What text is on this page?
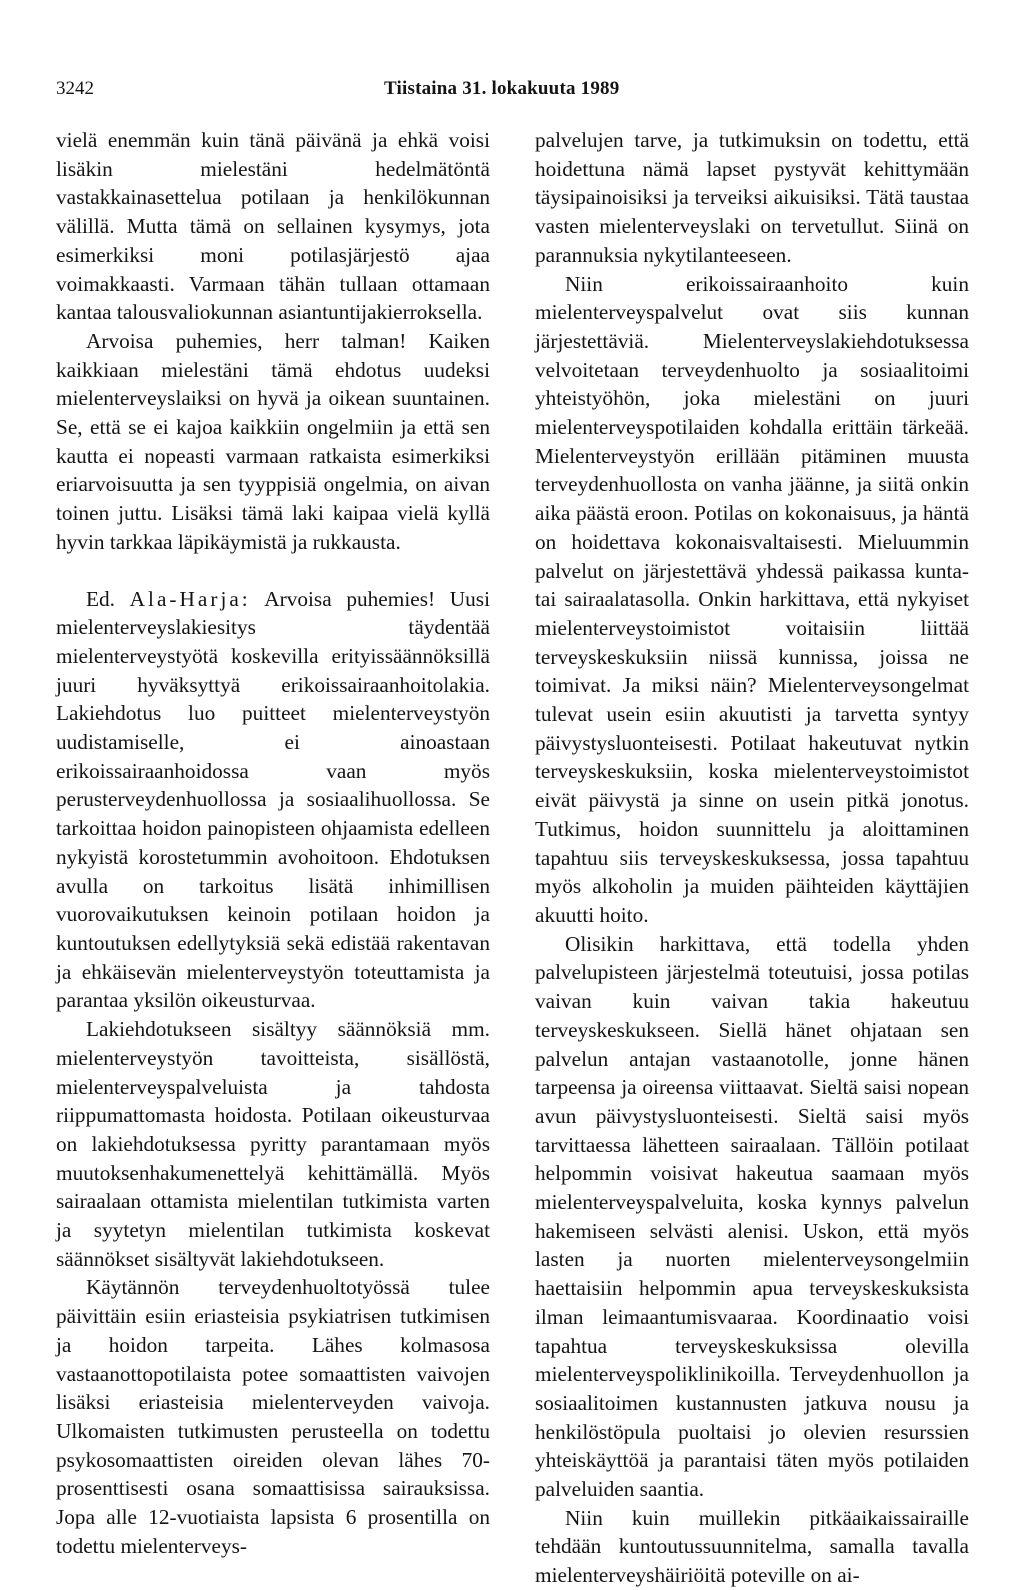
3242	Tiistaina 31. lokakuuta 1989

vielä enemmän kuin tänä päivänä ja ehkä voisi lisäkin mielestäni hedelmätöntä vastakkainasettelua potilaan ja henkilökunnan välillä. Mutta tämä on sellainen kysymys, jota esimerkiksi moni potilasjärjestö ajaa voimakkaasti. Varmaan tähän tullaan ottamaan kantaa talousvaliokunnan asiantuntijakierroksella.

Arvoisa puhemies, herr talman! Kaiken kaikkiaan mielestäni tämä ehdotus uudeksi mielenterveyslaiksi on hyvä ja oikean suuntainen. Se, että se ei kajoa kaikkiin ongelmiin ja että sen kautta ei nopeasti varmaan ratkaista esimerkiksi eriarvoisuutta ja sen tyyppisiä ongelmia, on aivan toinen juttu. Lisäksi tämä laki kaipaa vielä kyllä hyvin tarkkaa läpikäymistä ja rukkausta.

Ed. Ala-Harja: Arvoisa puhemies! Uusi mielenterveyslakiesitys täydentää mielenterveystyötä koskevilla erityissäännöksillä juuri hyväksyttyä erikoissairaanhoitolakia. Lakiehdotus luo puitteet mielenterveystyön uudistamiselle, ei ainoastaan erikoissairaanhoidossa vaan myös perusterveydenhuollossa ja sosiaalihuollossa. Se tarkoittaa hoidon painopisteen ohjaamista edelleen nykyistä korostetummin avohoitoon. Ehdotuksen avulla on tarkoitus lisätä inhimillisen vuorovaikutuksen keinoin potilaan hoidon ja kuntoutuksen edellytyksiä sekä edistää rakentavan ja ehkäisevän mielenterveystyön toteuttamista ja parantaa yksilön oikeusturvaa.

Lakiehdotukseen sisältyy säännöksiä mm. mielenterveystyön tavoitteista, sisällöstä, mielenterveyspalveluista ja tahdosta riippumattomasta hoidosta. Potilaan oikeusturvaa on lakiehdotuksessa pyritty parantamaan myös muutoksenhakumenettelyä kehittämällä. Myös sairaalaan ottamista mielentilan tutkimista varten ja syytetyn mielentilan tutkimista koskevat säännökset sisältyvät lakiehdotukseen.

Käytännön terveydenhuoltotyössä tulee päivittäin esiin eriasteisia psykiatrisen tutkimisen ja hoidon tarpeita. Lähes kolmasosa vastaanottopotilaista potee somaattisten vaivojen lisäksi eriasteisia mielenterveyden vaivoja. Ulkomaisten tutkimusten perusteella on todettu psykosomaattisten oireiden olevan lähes 70-prosenttisesti osana somaattisissa sairauksissa. Jopa alle 12-vuotiaista lapsista 6 prosentilla on todettu mielenterveys-

palvelujen tarve, ja tutkimuksin on todettu, että hoidettuna nämä lapset pystyvät kehittymään täysipainoisiksi ja terveiksi aikuisiksi. Tätä taustaa vasten mielenterveyslaki on tervetullut. Siinä on parannuksia nykytilanteeseen.

Niin erikoissairaanhoito kuin mielenterveyspalvelut ovat siis kunnan järjestettäviä. Mielenterveyslakiehdotuksessa velvoitetaan terveydenhuolto ja sosiaalitoimi yhteistyöhön, joka mielestäni on juuri mielenterveyspotilaiden kohdalla erittäin tärkeää. Mielenterveystyön erillään pitäminen muusta terveydenhuollosta on vanha jäänne, ja siitä onkin aika päästä eroon. Potilas on kokonaisuus, ja häntä on hoidettava kokonaisvaltaisesti. Mieluummin palvelut on järjestettävä yhdessä paikassa kunta- tai sairaalatasolla. Onkin harkittava, että nykyiset mielenterveystoimistot voitaisiin liittää terveyskeskuksiin niissä kunnissa, joissa ne toimivat. Ja miksi näin? Mielenterveysongelmat tulevat usein esiin akuutisti ja tarvetta syntyy päivystysluonteisesti. Potilaat hakeutuvat nytkin terveyskeskuksiin, koska mielenterveystoimistot eivät päivystä ja sinne on usein pitkä jonotus. Tutkimus, hoidon suunnittelu ja aloittaminen tapahtuu siis terveyskeskuksessa, jossa tapahtuu myös alkoholin ja muiden päihteiden käyttäjien akuutti hoito.

Olisikin harkittava, että todella yhden palvelupisteen järjestelmä toteutuisi, jossa potilas vaivan kuin vaivan takia hakeutuu terveyskeskukseen. Siellä hänet ohjataan sen palvelun antajan vastaanotolle, jonne hänen tarpeensa ja oireensa viittaavat. Sieltä saisi nopean avun päivystysluonteisesti. Sieltä saisi myös tarvittaessa lähetteen sairaalaan. Tällöin potilaat helpommin voisivat hakeutua saamaan myös mielenterveyspalveluita, koska kynnys palvelun hakemiseen selvästi alenisi. Uskon, että myös lasten ja nuorten mielenterveysongelmiin haettaisiin helpommin apua terveyskeskuksista ilman leimaantumisvaaraa. Koordinaatio voisi tapahtua terveyskeskuksissa olevilla mielenterveyspoliklinikoilla. Terveydenhuollon ja sosiaalitoimen kustannusten jatkuva nousu ja henkilöstöpula puoltaisi jo olevien resurssien yhteiskäyttöä ja parantaisi täten myös potilaiden palveluiden saantia.

Niin kuin muillekin pitkäaikaissairaille tehdään kuntoutussuunnitelma, samalla tavalla mielenterveyshäiriöitä poteville on ai-
